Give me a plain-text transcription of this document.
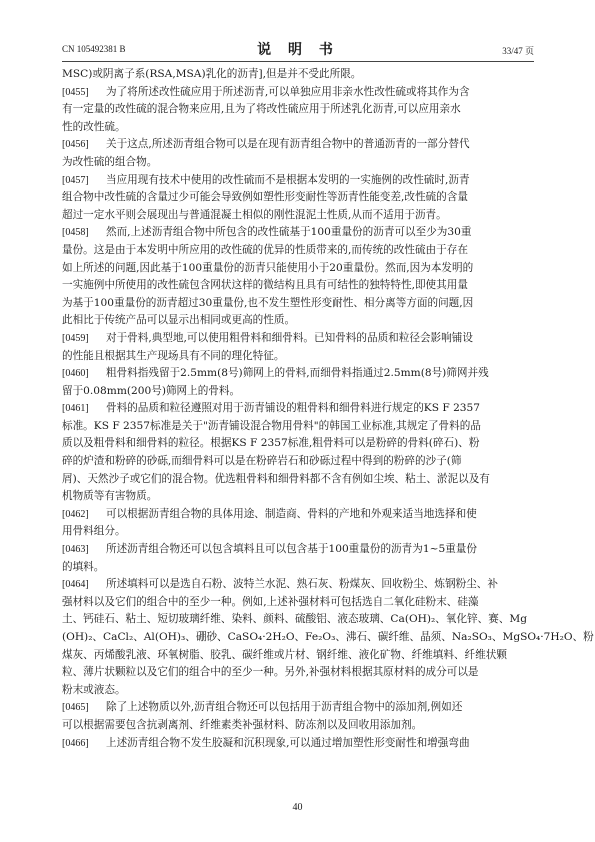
CN 105492381 B	说 明 书	33/47 页
MSC)或阴离子系(RSA,MSA)乳化的沥青],但是并不受此所限。
[0455] 为了将所述改性硫应用于所述沥青,可以单独应用非亲水性改性硫或将其作为含
有一定量的改性硫的混合物来应用,且为了将改性硫应用于所述乳化沥青,可以应用亲水
性的改性硫。
[0456] 关于这点,所述沥青组合物可以是在现有沥青组合物中的普通沥青的一部分替代
为改性硫的组合物。
[0457] 当应用现有技术中使用的改性硫而不是根据本发明的一实施例的改性硫时,沥青
组合物中改性硫的含量过少可能会导致例如塑性形变耐性等沥青性能变差,改性硫的含量
超过一定水平则会展现出与普通混凝土相似的刚性混泥土性质,从而不适用于沥青。
[0458] 然而,上述沥青组合物中所包含的改性硫基于100重量份的沥青可以至少为30重
量份。这是由于本发明中所应用的改性硫的优异的性质带来的,而传统的改性硫由于存在
如上所述的问题,因此基于100重量份的沥青只能使用小于20重量份。然而,因为本发明的
一实施例中所使用的改性硫包含网状这样的微结构且具有可结性的独特特性,即使其用量
为基于100重量份的沥青超过30重量份,也不发生塑性形变耐性、相分离等方面的问题,因
此相比于传统产品可以显示出相同或更高的性质。
[0459] 对于骨料,典型地,可以使用粗骨料和细骨料。已知骨料的品质和粒径会影响铺设
的性能且根据其生产现场具有不同的理化特征。
[0460] 粗骨料指残留于2.5mm(8号)筛网上的骨料,而细骨料指通过2.5mm(8号)筛网并残
留于0.08mm(200号)筛网上的骨料。
[0461] 骨料的品质和粒径遵照对用于沥青铺设的粗骨料和细骨料进行规定的KS F 2357
标准。KS F 2357标准是关于"沥青铺设混合物用骨料"的韩国工业标准,其规定了骨料的品
质以及粗骨料和细骨料的粒径。根据KS F 2357标准,粗骨料可以是粉碎的骨料(碎石)、粉
碎的炉渣和粉碎的砂砾,而细骨料可以是在粉碎岩石和砂砾过程中得到的粉碎的沙子(筛
屑)、天然沙子或它们的混合物。优选粗骨料和细骨料都不含有例如尘埃、粘土、淤泥以及有
机物质等有害物质。
[0462] 可以根据沥青组合物的具体用途、制造商、骨料的产地和外观来适当地选择和使
用骨料组分。
[0463] 所述沥青组合物还可以包含填料且可以包含基于100重量份的沥青为1~5重量份
的填料。
[0464] 所述填料可以是选自石粉、波特兰水泥、熟石灰、粉煤灰、回收粉尘、炼钢粉尘、补
强材料以及它们的组合中的至少一种。例如,上述补强材料可包括选自二氧化硅粉末、硅藻
土、钙硅石、粘土、短切玻璃纤维、染料、颜料、硫酸铝、液态玻璃、Ca(OH)₂、氧化锌、赛、Mg
(OH)₂、CaCl₂、Al(OH)₃、硼砂、CaSO₄·2H₂O、Fe₂O₃、沸石、碳纤维、晶须、Na₂SO₃、MgSO₄·7H₂O、粉
煤灰、丙烯酸乳液、环氧树脂、胶乳、碳纤维或片材、钢纤维、液化矿物、纤维填料、纤维状颗
粒、薄片状颗粒以及它们的组合中的至少一种。另外,补强材料根据其原材料的成分可以是
粉末或液态。
[0465] 除了上述物质以外,沥青组合物还可以包括用于沥青组合物中的添加剂,例如还
可以根据需要包含抗剥离剂、纤维素类补强材料、防冻剂以及回收用添加剂。
[0466] 上述沥青组合物不发生胶凝和沉积现象,可以通过增加塑性形变耐性和增强弯曲
40
